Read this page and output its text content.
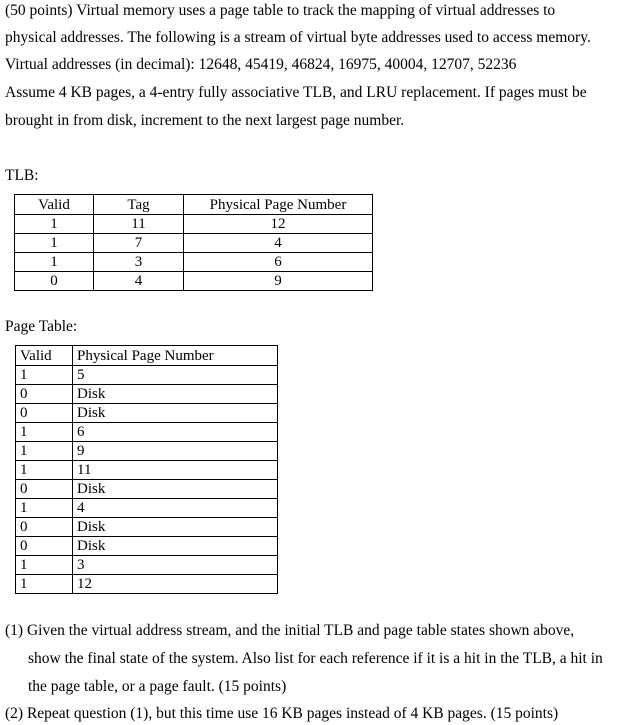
(50 points) Virtual memory uses a page table to track the mapping of virtual addresses to
physical addresses. The following is a stream of virtual byte addresses used to access memory.
Virtual addresses (in decimal): 12648, 45419, 46824, 16975, 40004, 12707, 52236
Assume 4 KB pages, a 4-entry fully associative TLB, and LRU replacement. If pages must be
brought in from disk, increment to the next largest page number.
TLB:
Valid	Tag	Physical Page Number
1	11	12
1	7	4
1	3	6
0	4	9
Page Table:
Valid	Physical Page Number
1	5
0	Disk
0	Disk
1	6
1	9
1	11
0	Disk
1	4
0	Disk
0	Disk
1	3
1	12
(1) Given the virtual address stream, and the initial TLB and page table states shown above,
show the final state of the system. Also list for each reference if it is a hit in the TLB, a hit in
the page table, or a page fault. (15 points)
(2) Repeat question (1), but this time use 16 KB pages instead of 4 KB pages. (15 points)
